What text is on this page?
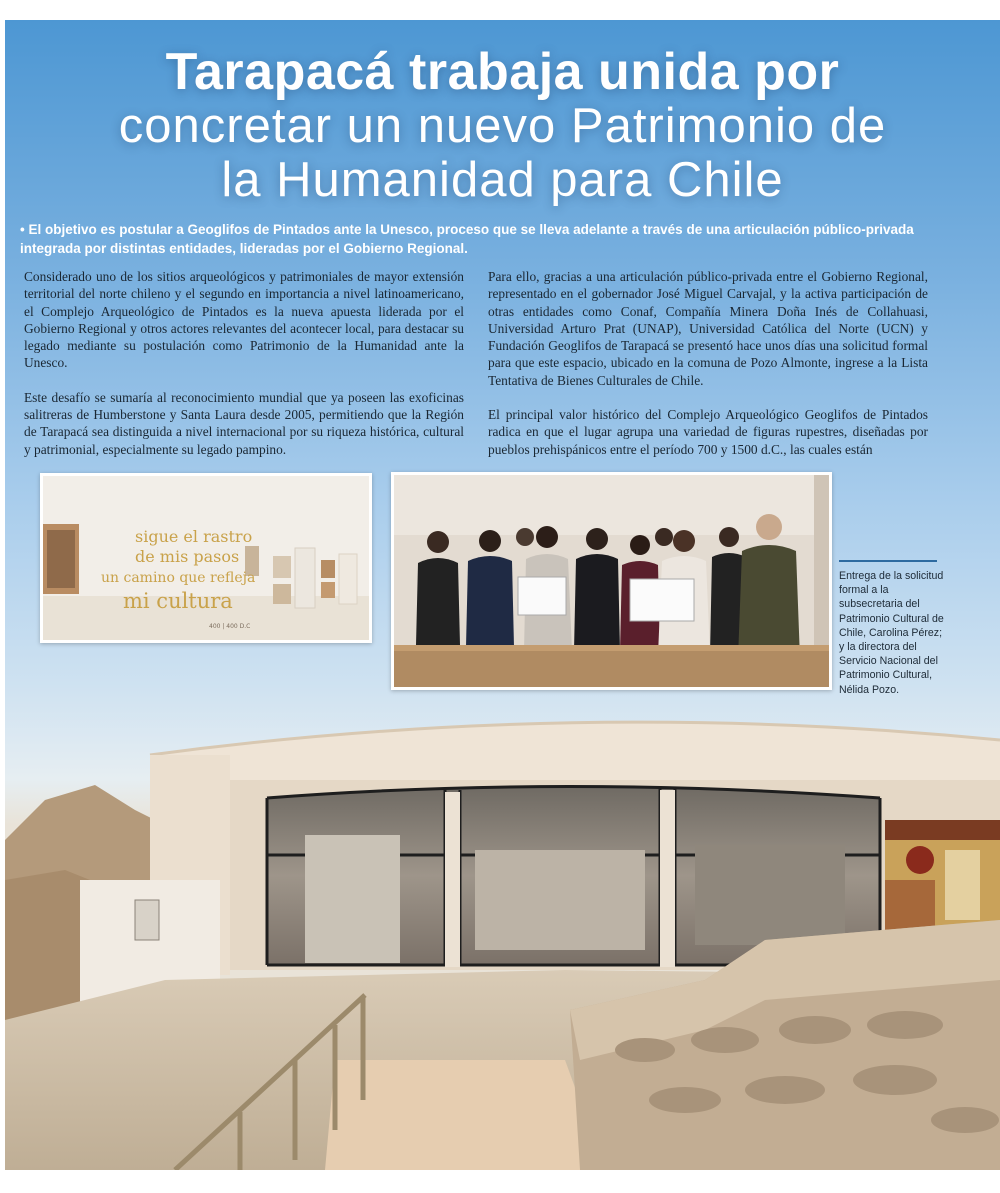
Tarapacá trabaja unida por
concretar un nuevo Patrimonio de
la Humanidad para Chile
• El objetivo es postular a Geoglifos de Pintados ante la Unesco, proceso que se lleva adelante a través de una articulación público-privada integrada por distintas entidades, lideradas por el Gobierno Regional.

Considerado uno de los sitios arqueológicos y patrimoniales de mayor extensión territorial del norte chileno y el segundo en importancia a nivel latinoamericano, el Complejo Arqueológico de Pintados es la nueva apuesta liderada por el Gobierno Regional y otros actores relevantes del acontecer local, para destacar su legado mediante su postulación como Patrimonio de la Humanidad ante la Unesco.

Este desafío se sumaría al reconocimiento mundial que ya poseen las exoficinas salitreras de Humberstone y Santa Laura desde 2005, permitiendo que la Región de Tarapacá sea distinguida a nivel internacional por su riqueza histórica, cultural y patrimonial, especialmente su legado pampino.

Para ello, gracias a una articulación público-privada entre el Gobierno Regional, representado en el gobernador José Miguel Carvajal, y la activa participación de otras entidades como Conaf, Compañía Minera Doña Inés de Collahuasi, Universidad Arturo Prat (UNAP), Universidad Católica del Norte (UCN) y Fundación Geoglifos de Tarapacá se presentó hace unos días una solicitud formal para que este espacio, ubicado en la comuna de Pozo Almonte, ingrese a la Lista Tentativa de Bienes Culturales de Chile.

El principal valor histórico del Complejo Arqueológico Geoglifos de Pintados radica en que el lugar agrupa una variedad de figuras rupestres, diseñadas por pueblos prehispánicos entre el período 700 y 1500 d.C., las cuales están

sigue el rastro
de mis pasos
un camino que refleja
mi cultura
400 | 400 D.C
Entrega de la solicitud formal a la subsecretaria del Patrimonio Cultural de Chile, Carolina Pérez; y la directora del Servicio Nacional del Patrimonio Cultural, Nélida Pozo.
